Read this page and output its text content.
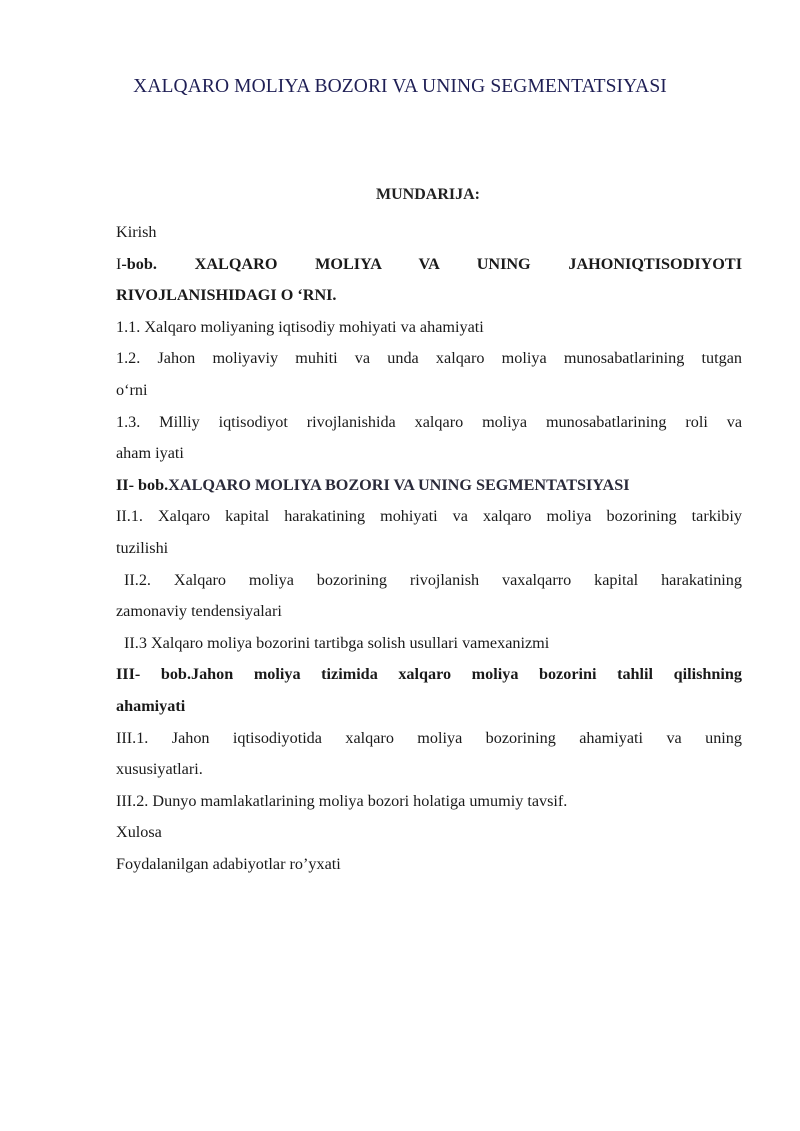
XALQARO MOLIYA BOZORI VA UNING SEGMENTATSIYASI
MUNDARIJA:
Kirish
I-bob. XALQARO MOLIYA VA UNING JAHONIQTISODIYOTI
RIVOJLANISHIDAGI O ‘RNI.
1.1. Xalqaro moliyaning iqtisodiy mohiyati va ahamiyati
1.2. Jahon moliyaviy muhiti va unda xalqaro moliya munosabatlarining tutgan
o‘rni
1.3. Milliy iqtisodiyot rivojlanishida xalqaro moliya munosabatlarining roli va
aham iyati
II- bob.XALQARO MOLIYA BOZORI VA UNING SEGMENTATSIYASI
II.1. Xalqaro kapital harakatining mohiyati va xalqaro moliya bozorining tarkibiy
tuzilishi
II.2. Xalqaro moliya bozorining rivojlanish vaxalqarro kapital harakatining
zamonaviy tendensiyalari
II.3 Xalqaro moliya bozorini tartibga solish usullari vamexanizmi
III- bob.Jahon moliya tizimida xalqaro moliya bozorini tahlil qilishning
ahamiyati
III.1. Jahon iqtisodiyotida xalqaro moliya bozorining ahamiyati va uning
xususiyatlari.
III.2. Dunyo mamlakatlarining moliya bozori holatiga umumiy tavsif.
Xulosa
Foydalanilgan adabiyotlar ro’yxati
